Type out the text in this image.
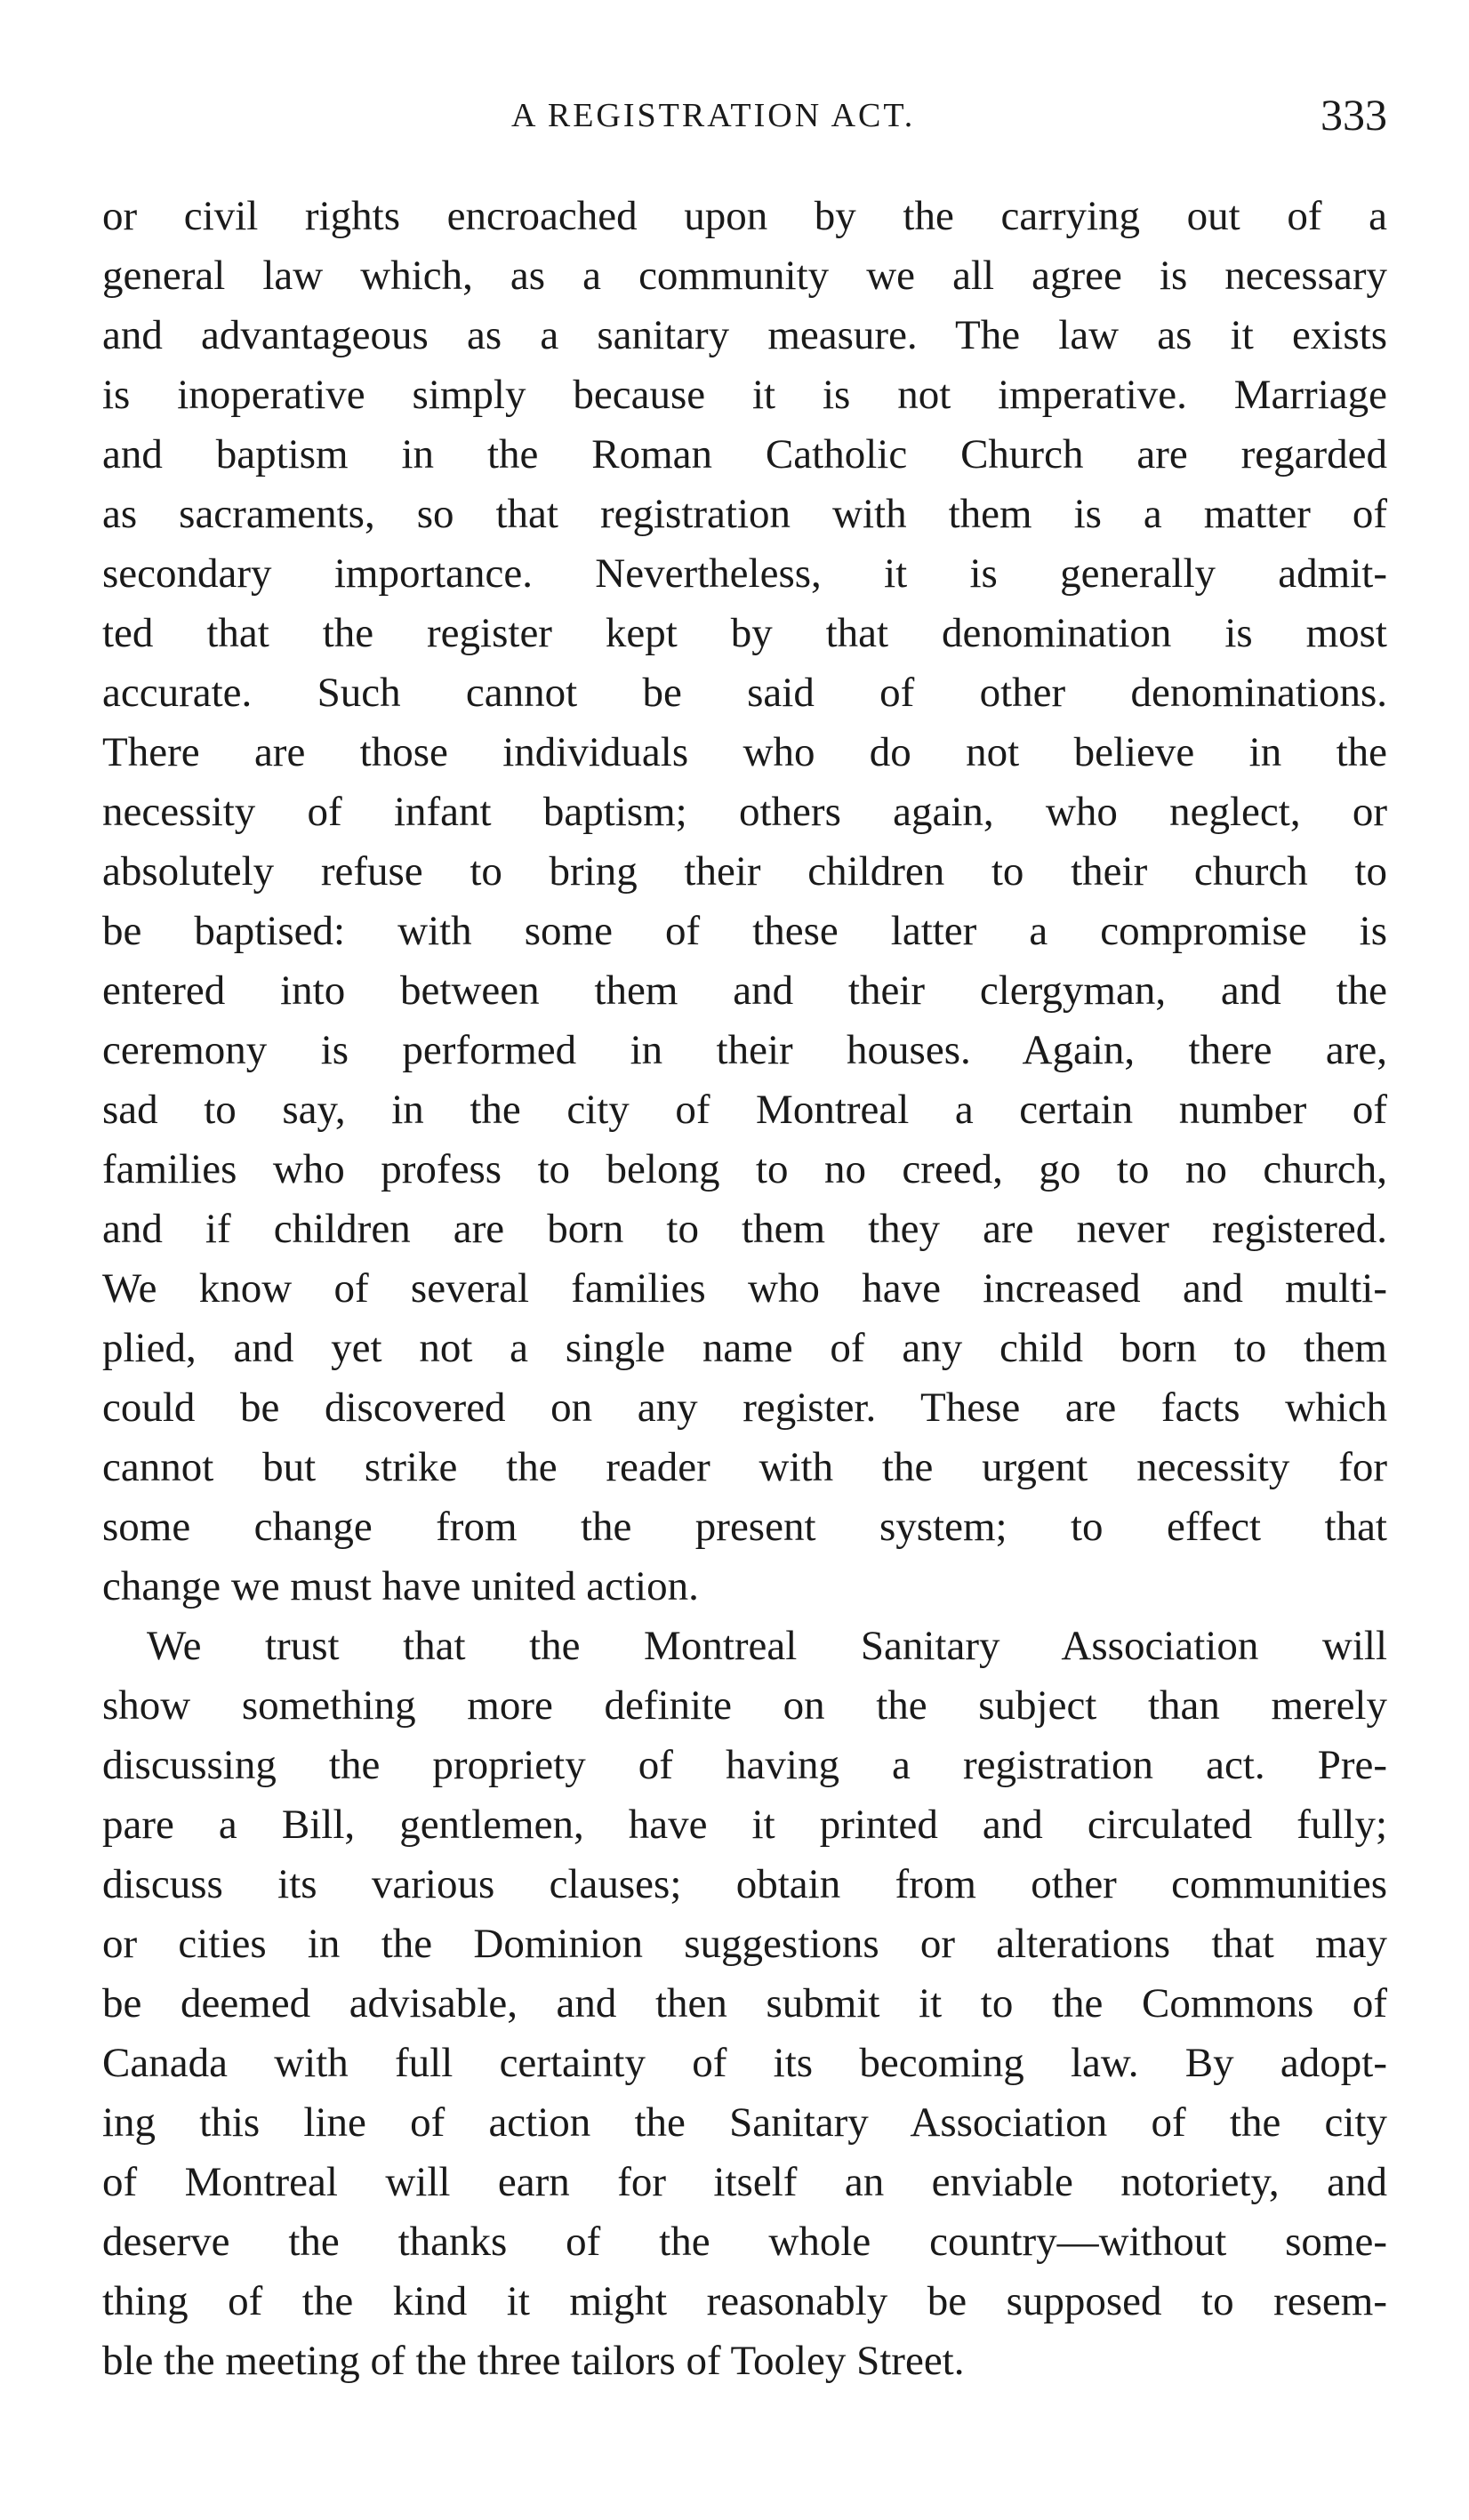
A REGISTRATION ACT.	333
or civil rights encroached upon by the carrying out of a
general law which, as a community we all agree is necessary
and advantageous as a sanitary measure. The law as it exists
is inoperative simply because it is not imperative. Marriage
and baptism in the Roman Catholic Church are regarded
as sacraments, so that registration with them is a matter of
secondary importance. Nevertheless, it is generally admit-
ted that the register kept by that denomination is most
accurate. Such cannot be said of other denominations.
There are those individuals who do not believe in the
necessity of infant baptism; others again, who neglect, or
absolutely refuse to bring their children to their church to
be baptised: with some of these latter a compromise is
entered into between them and their clergyman, and the
ceremony is performed in their houses. Again, there are,
sad to say, in the city of Montreal a certain number of
families who profess to belong to no creed, go to no church,
and if children are born to them they are never registered.
We know of several families who have increased and multi-
plied, and yet not a single name of any child born to them
could be discovered on any register. These are facts which
cannot but strike the reader with the urgent necessity for
some change from the present system; to effect that
change we must have united action.
We trust that the Montreal Sanitary Association will
show something more definite on the subject than merely
discussing the propriety of having a registration act. Pre-
pare a Bill, gentlemen, have it printed and circulated fully;
discuss its various clauses; obtain from other communities
or cities in the Dominion suggestions or alterations that may
be deemed advisable, and then submit it to the Commons of
Canada with full certainty of its becoming law. By adopt-
ing this line of action the Sanitary Association of the city
of Montreal will earn for itself an enviable notoriety, and
deserve the thanks of the whole country—without some-
thing of the kind it might reasonably be supposed to resem-
ble the meeting of the three tailors of Tooley Street.
